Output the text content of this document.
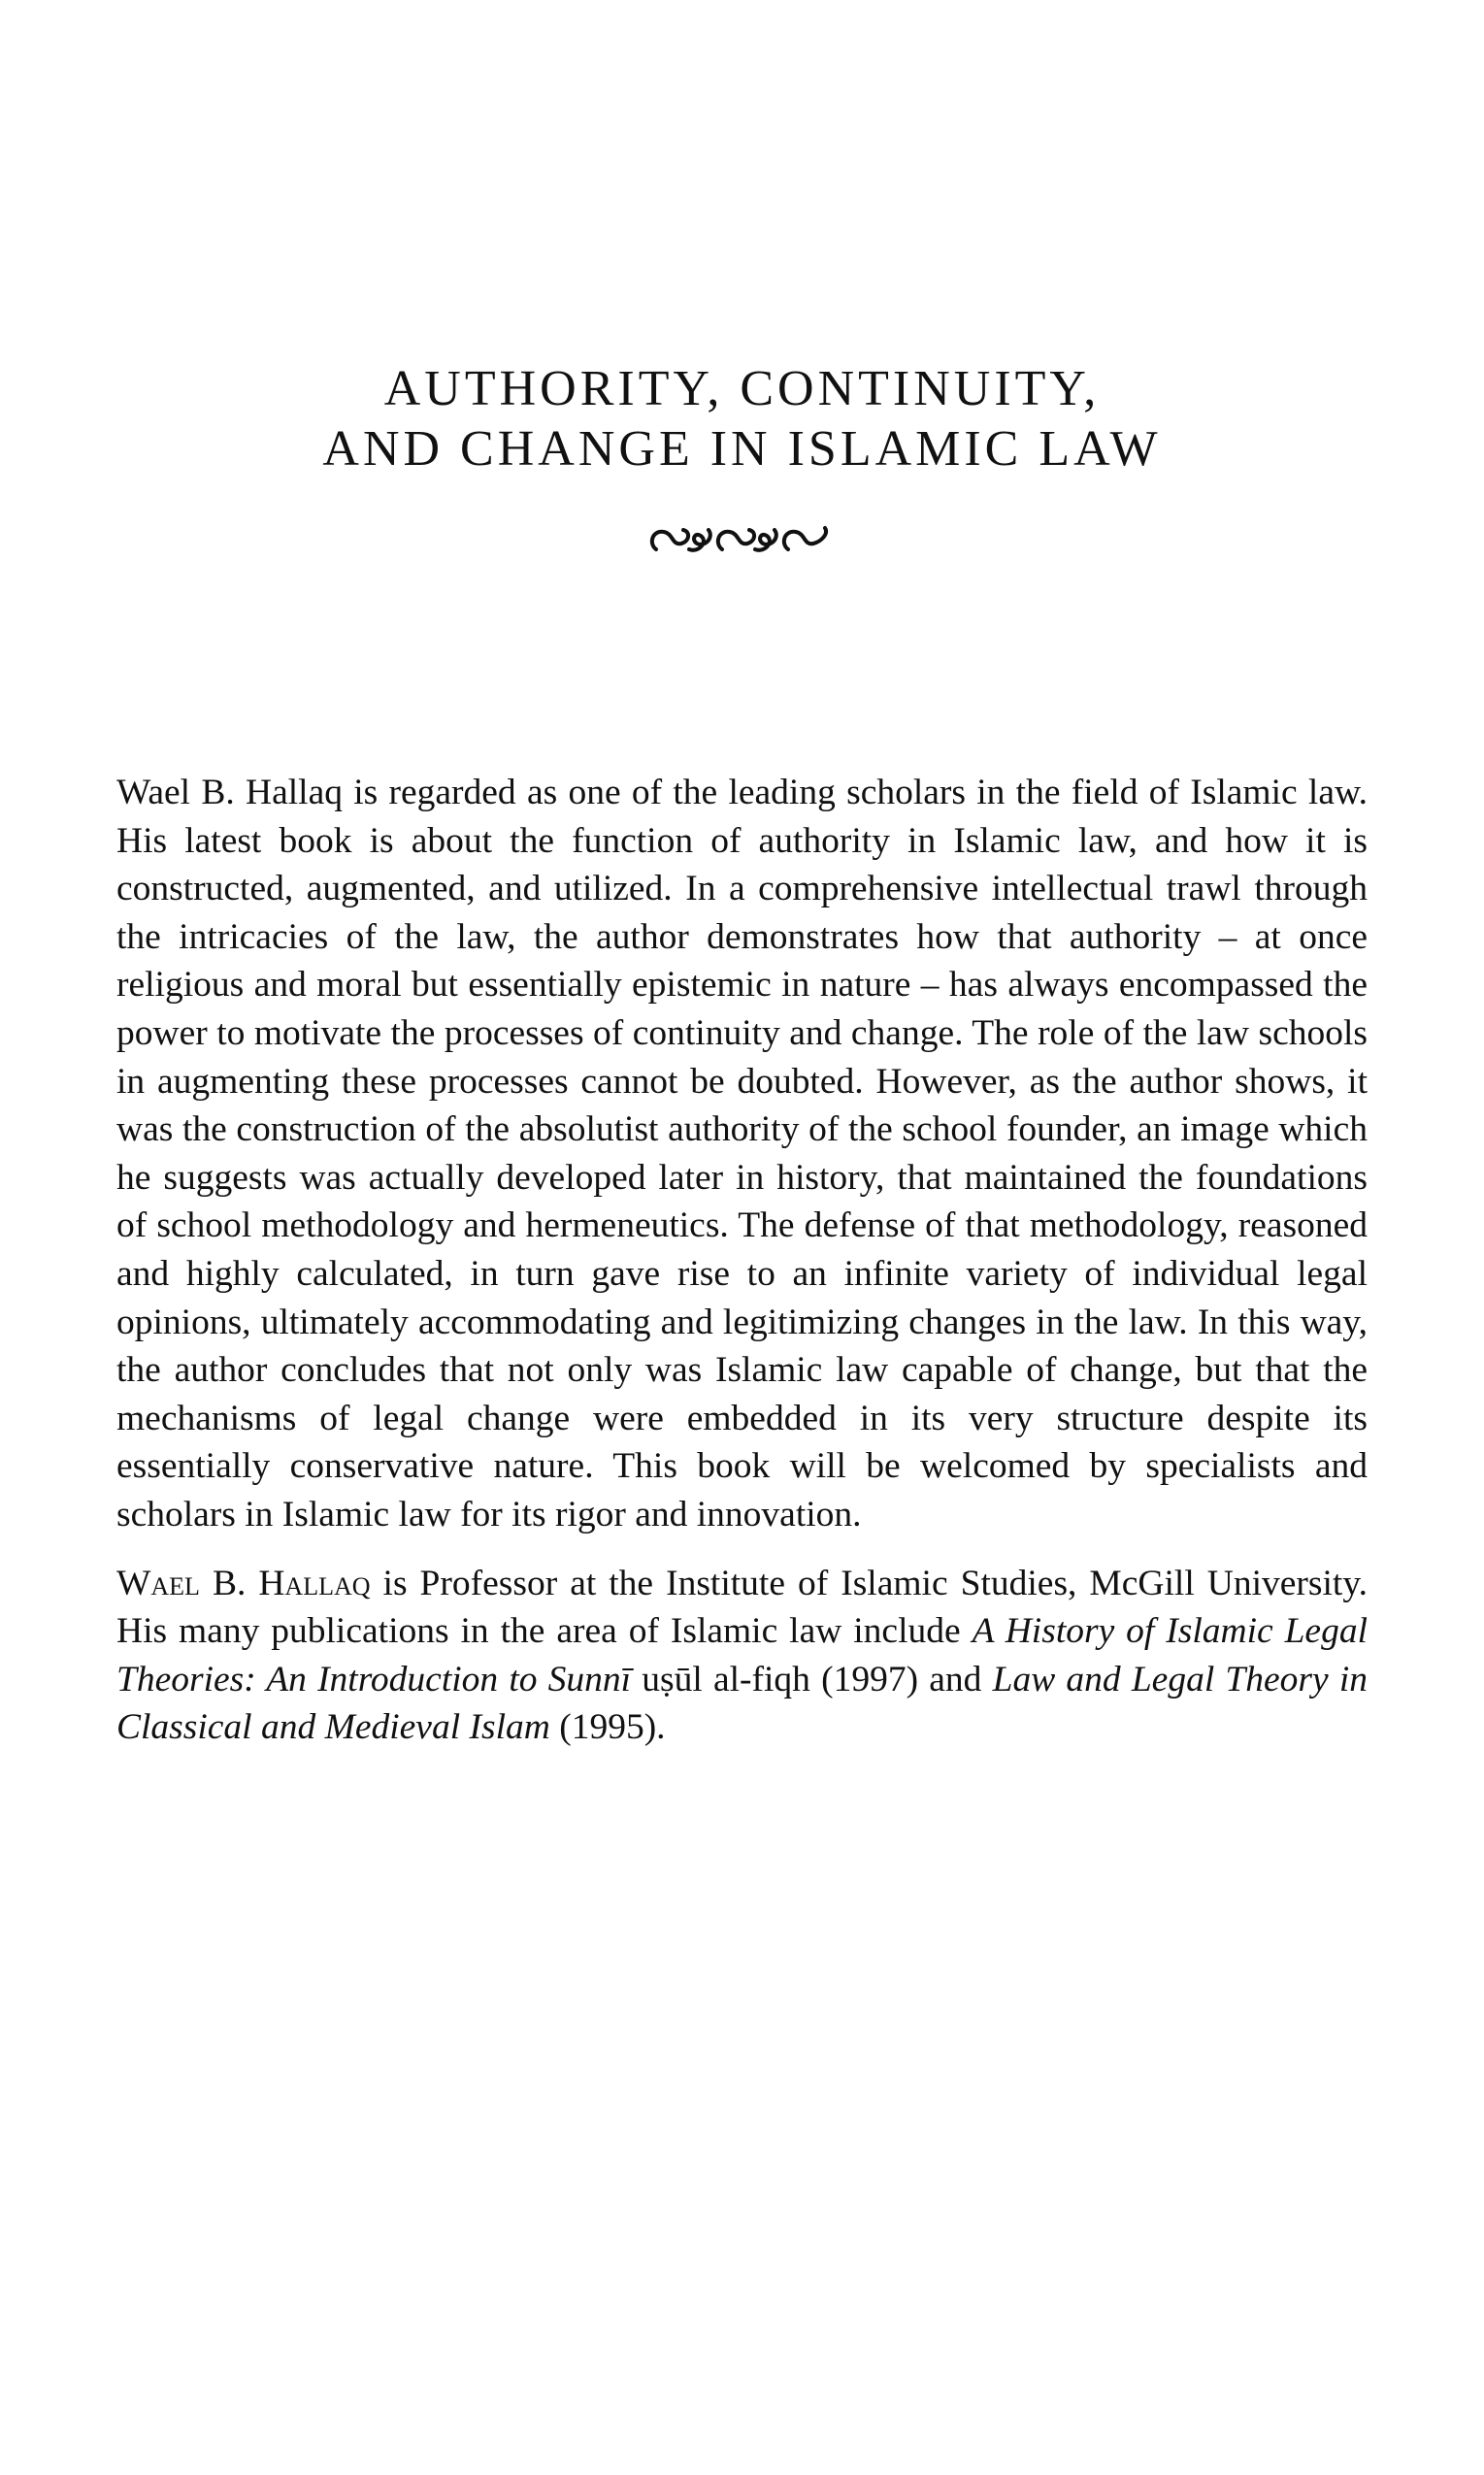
AUTHORITY, CONTINUITY,
AND CHANGE IN ISLAMIC LAW

Wael B. Hallaq is regarded as one of the leading scholars in the field of Islamic law. His latest book is about the function of authority in Islamic law, and how it is constructed, augmented, and utilized. In a comprehensive intellectual trawl through the intricacies of the law, the author demonstrates how that authority – at once religious and moral but essentially epistemic in nature – has always encompassed the power to motivate the processes of continuity and change. The role of the law schools in augmenting these processes cannot be doubted. However, as the author shows, it was the construction of the absolutist authority of the school founder, an image which he suggests was actually developed later in history, that maintained the foundations of school methodology and hermeneutics. The defense of that methodology, reasoned and highly calculated, in turn gave rise to an infinite variety of individual legal opinions, ultimately accommodating and legitimizing changes in the law. In this way, the author concludes that not only was Islamic law capable of change, but that the mechanisms of legal change were embedded in its very structure despite its essentially conservative nature. This book will be welcomed by specialists and scholars in Islamic law for its rigor and innovation.

Wael B. Hallaq is Professor at the Institute of Islamic Studies, McGill University. His many publications in the area of Islamic law include A History of Islamic Legal Theories: An Introduction to Sunnī uṣūl al-fiqh (1997) and Law and Legal Theory in Classical and Medieval Islam (1995).
